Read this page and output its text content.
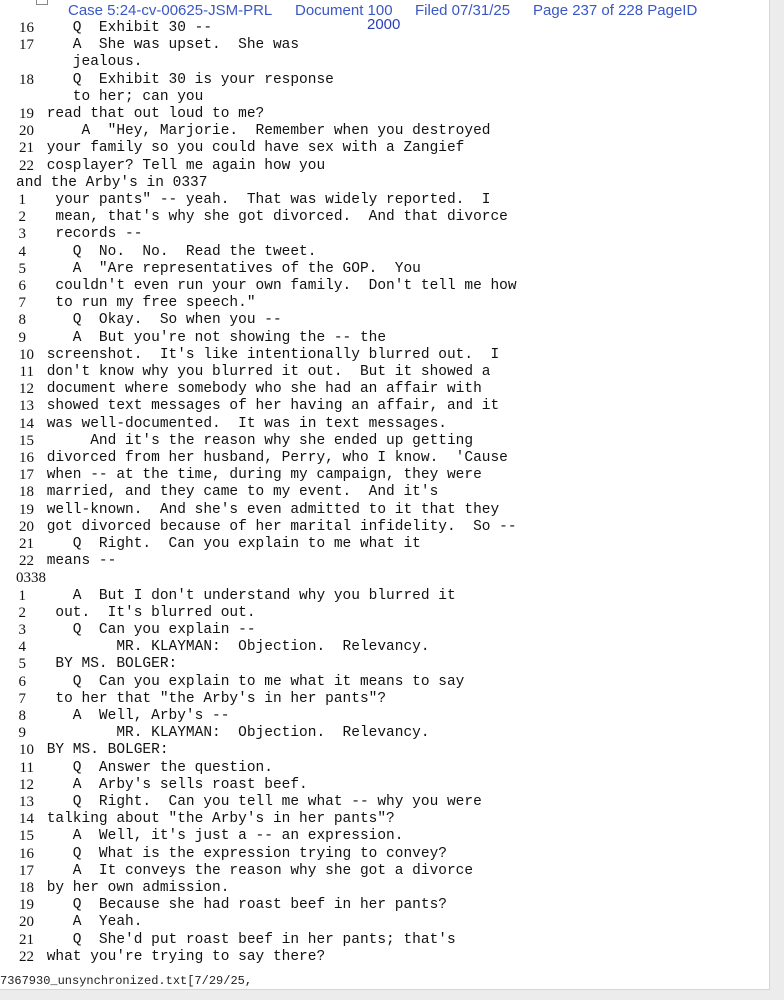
Case 5:24-cv-00625-JSM-PRL Document 100 Filed 07/31/25 Page 237 of 228 PageID
2000
16 Q  Exhibit 30 --
17 A  She was upset.  She was
jealous.
18 Q  Exhibit 30 is your response
to her; can you
19 read that out loud to me?
20 A  "Hey, Marjorie.  Remember when you destroyed
21 your family so you could have sex with a Zangief
22 cosplayer? Tell me again how you
and the Arby's in 0337
1 your pants" -- yeah.  That was widely reported.  I
2 mean, that's why she got divorced.  And that divorce
3 records --
4 Q  No.  No.  Read the tweet.
5 A  "Are representatives of the GOP.  You
6 couldn't even run your own family.  Don't tell me how
7 to run my free speech."
8 Q  Okay.  So when you --
9 A  But you're not showing the -- the
10 screenshot.  It's like intentionally blurred out.  I
11 don't know why you blurred it out.  But it showed a
12 document where somebody who she had an affair with
13 showed text messages of her having an affair, and it
14 was well-documented.  It was in text messages.
15 And it's the reason why she ended up getting
16 divorced from her husband, Perry, who I know.  'Cause
17 when -- at the time, during my campaign, they were
18 married, and they came to my event.  And it's
19 well-known.  And she's even admitted to it that they
20 got divorced because of her marital infidelity.  So --
21 Q  Right.  Can you explain to me what it
22 means --
0338
1 A  But I don't understand why you blurred it
2 out.  It's blurred out.
3 Q  Can you explain --
4 MR. KLAYMAN:  Objection.  Relevancy.
5 BY MS. BOLGER:
6 Q  Can you explain to me what it means to say
7 to her that "the Arby's in her pants"?
8 A  Well, Arby's --
9 MR. KLAYMAN:  Objection.  Relevancy.
10 BY MS. BOLGER:
11 Q  Answer the question.
12 A  Arby's sells roast beef.
13 Q  Right.  Can you tell me what -- why you were
14 talking about "the Arby's in her pants"?
15 A  Well, it's just a -- an expression.
16 Q  What is the expression trying to convey?
17 A  It conveys the reason why she got a divorce
18 by her own admission.
19 Q  Because she had roast beef in her pants?
20 A  Yeah.
21 Q  She'd put roast beef in her pants; that's
22 what you're trying to say there?
7367930_unsynchronized.txt[7/29/25,
